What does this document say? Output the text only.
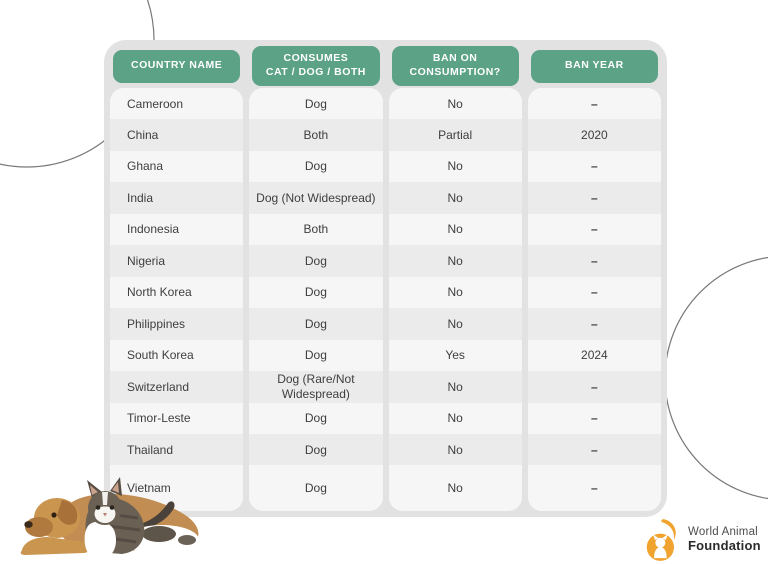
COUNTRY NAME
Cameroon
China
Ghana
India
Indonesia
Nigeria
North Korea
Philippines
South Korea
Switzerland
Timor-Leste
Thailand
Vietnam
CONSUMES
CAT / DOG / BOTH
Dog
Both
Dog
Dog (Not Widespread)
Both
Dog
Dog
Dog
Dog
Dog (Rare/Not Widespread)
Dog
Dog
Dog
BAN ON
CONSUMPTION?
No
Partial
No
No
No
No
No
No
Yes
No
No
No
No
BAN YEAR
–
2020
–
–
–
–
–
–
2024
–
–
–
–
World Animal
Foundation
